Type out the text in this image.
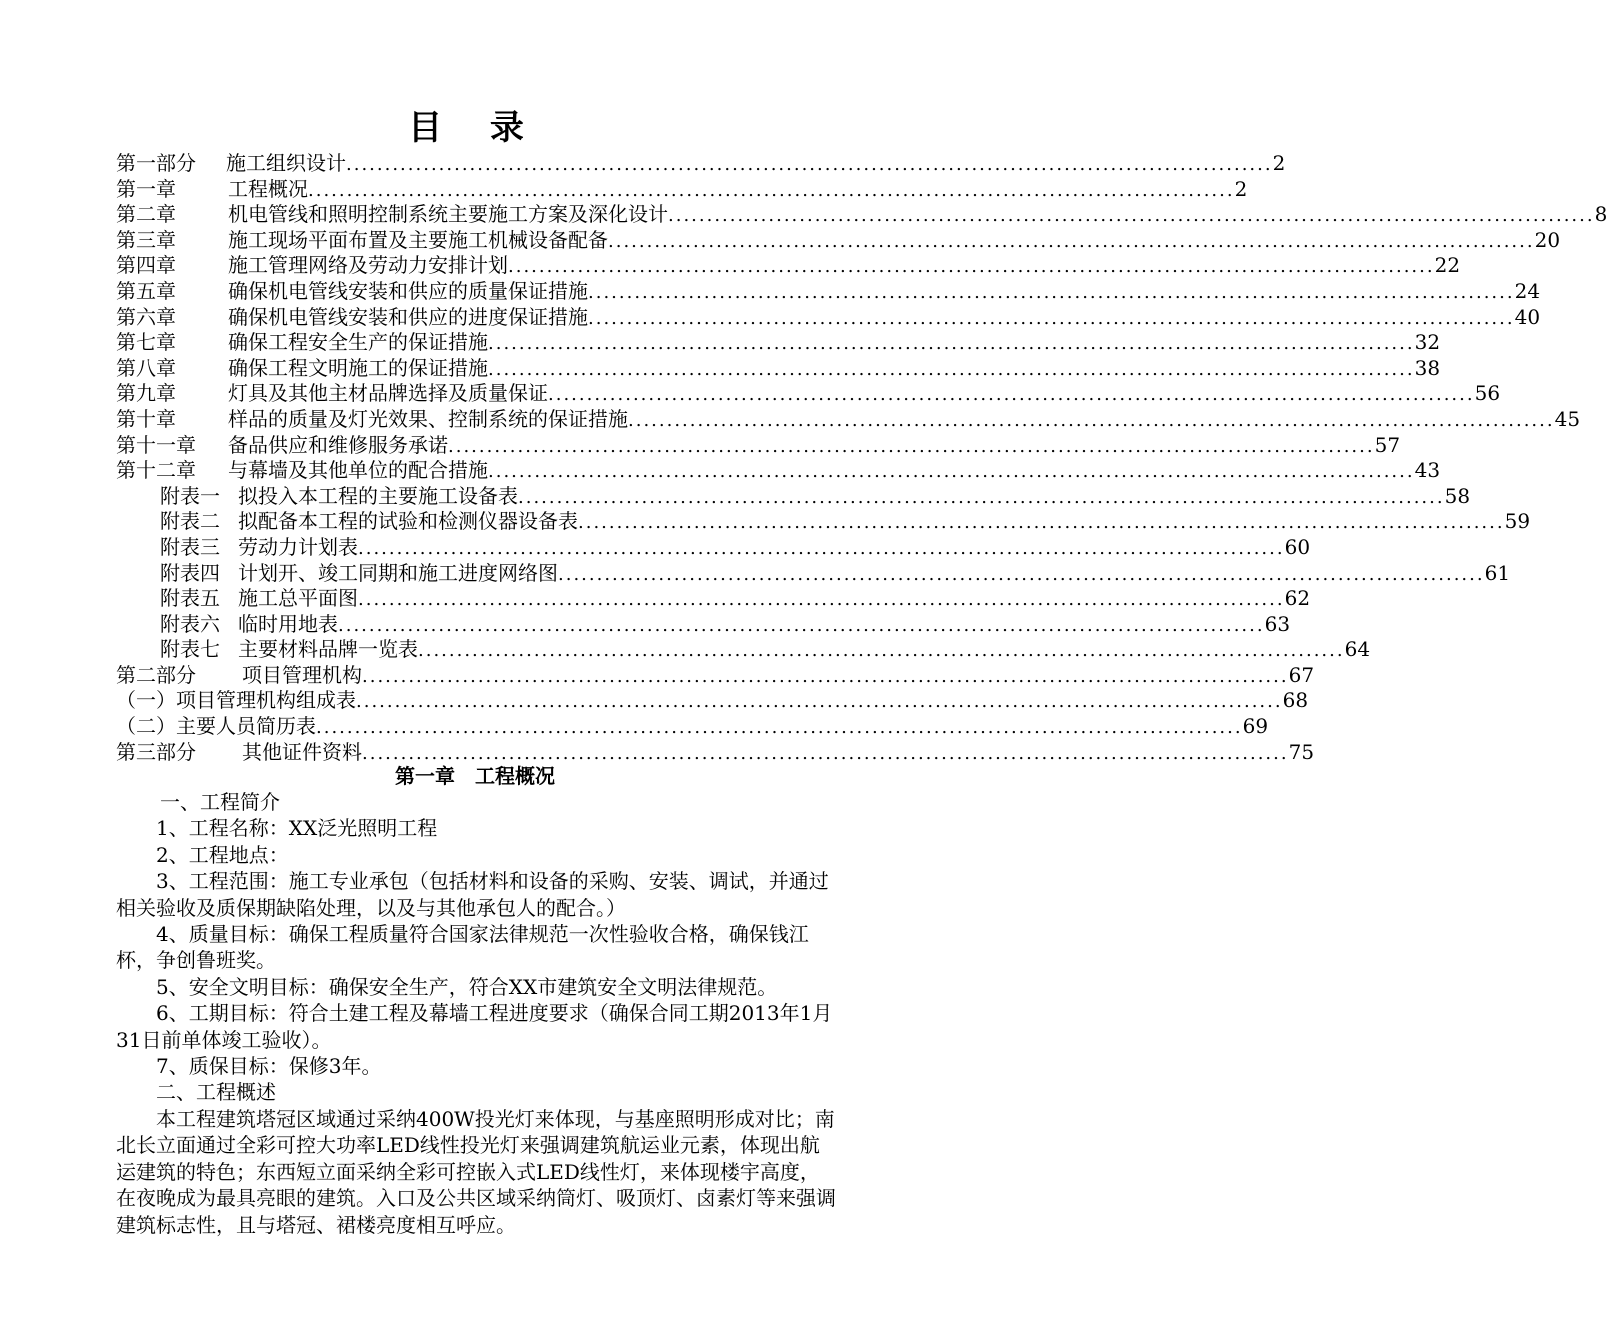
目 录
第一部分	施工组织设计 ........................................................................................................................ 2
第一章	工程概况 ........................................................................................................................ 2
第二章	机电管线和照明控制系统主要施工方案及深化设计 ........................................................................................................................ 8
第三章	施工现场平面布置及主要施工机械设备配备 ........................................................................................................................ 20
第四章	施工管理网络及劳动力安排计划 ........................................................................................................................ 22
第五章	确保机电管线安装和供应的质量保证措施 ........................................................................................................................ 24
第六章	确保机电管线安装和供应的进度保证措施 ........................................................................................................................ 40
第七章	确保工程安全生产的保证措施 ........................................................................................................................ 32
第八章	确保工程文明施工的保证措施 ........................................................................................................................ 38
第九章	灯具及其他主材品牌选择及质量保证 ........................................................................................................................ 56
第十章	样品的质量及灯光效果、控制系统的保证措施 ........................................................................................................................ 45
第十一章	备品供应和维修服务承诺 ........................................................................................................................ 57
第十二章	与幕墙及其他单位的配合措施 ........................................................................................................................ 43
附表一 拟投入本工程的主要施工设备表 ........................................................................................................................ 58
附表二 拟配备本工程的试验和检测仪器设备表 ........................................................................................................................ 59
附表三 劳动力计划表 ........................................................................................................................ 60
附表四 计划开、竣工同期和施工进度网络图 ........................................................................................................................ 61
附表五 施工总平面图 ........................................................................................................................ 62
附表六 临时用地表 ........................................................................................................................ 63
附表七 主要材料品牌一览表 ........................................................................................................................ 64
第二部分	项目管理机构 ........................................................................................................................ 67
（一） 项目管理机构组成表 ........................................................................................................................ 68
（二） 主要人员简历表 ........................................................................................................................ 69
第三部分	其他证件资料 ........................................................................................................................ 75
第一章　工程概况

一、工程简介

1、工程名称：XX泛光照明工程

2、工程地点：

3、工程范围：施工专业承包（包括材料和设备的采购、安装、调试，并通过相关验收及质保期缺陷处理，以及与其他承包人的配合。）

4、质量目标：确保工程质量符合国家法律规范一次性验收合格，确保钱江杯，争创鲁班奖。

5、安全文明目标：确保安全生产，符合XX市建筑安全文明法律规范。

6、工期目标：符合土建工程及幕墙工程进度要求（确保合同工期2013年1月31日前单体竣工验收）。

7、质保目标：保修3年。

二、工程概述

本工程建筑塔冠区域通过采纳400W投光灯来体现，与基座照明形成对比；南北长立面通过全彩可控大功率LED线性投光灯来强调建筑航运业元素，体现出航运建筑的特色；东西短立面采纳全彩可控嵌入式LED线性灯，来体现楼宇高度，在夜晚成为最具亮眼的建筑。入口及公共区域采纳筒灯、吸顶灯、卤素灯等来强调建筑标志性，且与塔冠、裙楼亮度相互呼应。
